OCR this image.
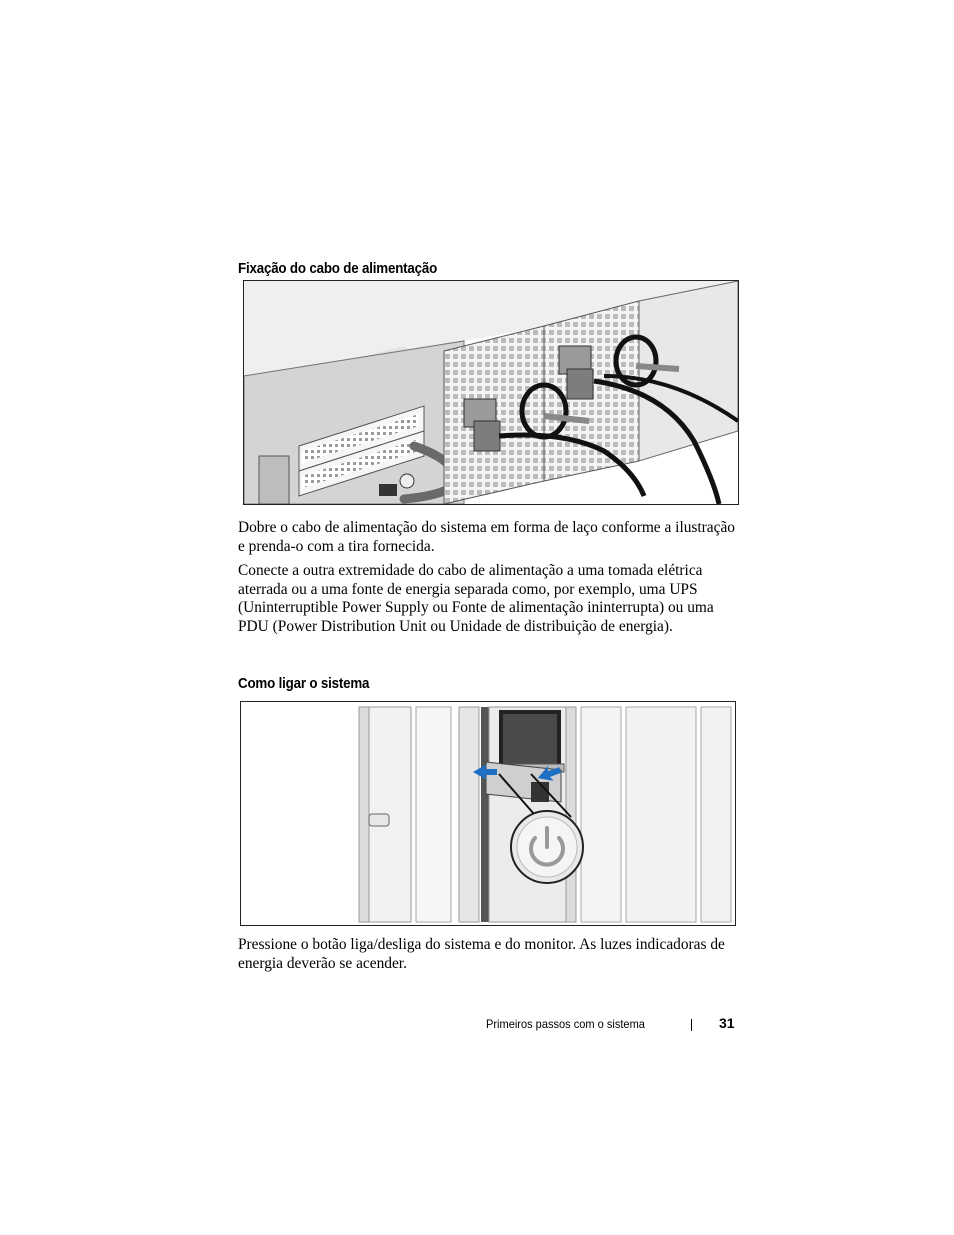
Fixação do cabo de alimentação

Dobre o cabo de alimentação do sistema em forma de laço conforme a ilustração e prenda-o com a tira fornecida.

Conecte a outra extremidade do cabo de alimentação a uma tomada elétrica aterrada ou a uma fonte de energia separada como, por exemplo, uma UPS (Uninterruptible Power Supply ou Fonte de alimentação ininterrupta) ou uma PDU (Power Distribution Unit ou Unidade de distribuição de energia).

Como ligar o sistema

Pressione o botão liga/desliga do sistema e do monitor. As luzes indicadoras de energia deverão se acender.

Primeiros passos com o sistema	31
